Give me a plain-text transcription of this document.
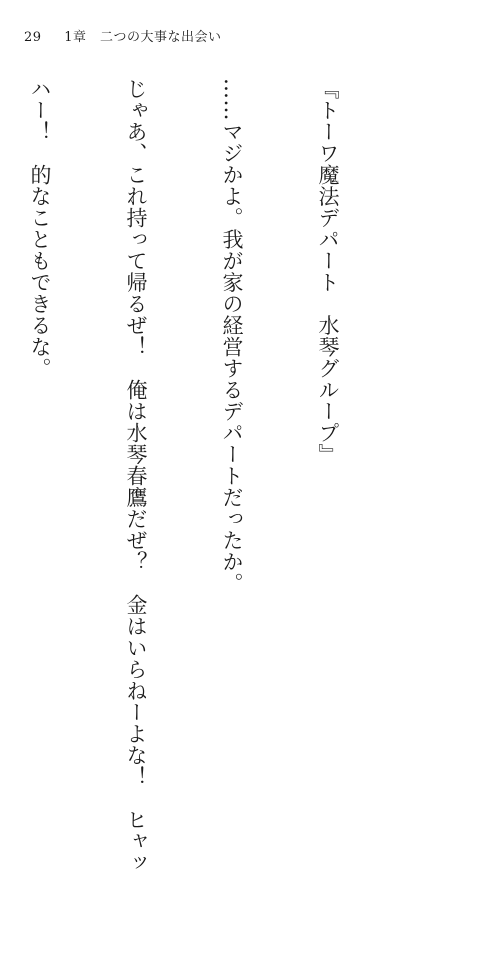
29 1章　二つの大事な出会い

『トーワ魔法デパート　水琴グループ』

……マジかよ。我が家の経営するデパートだったか。

じゃあ、これ持って帰るぜ！　俺は水琴春鷹だぜ？　金はいらねーよな！　ヒャッ

ハー！　的なこともできるな。
